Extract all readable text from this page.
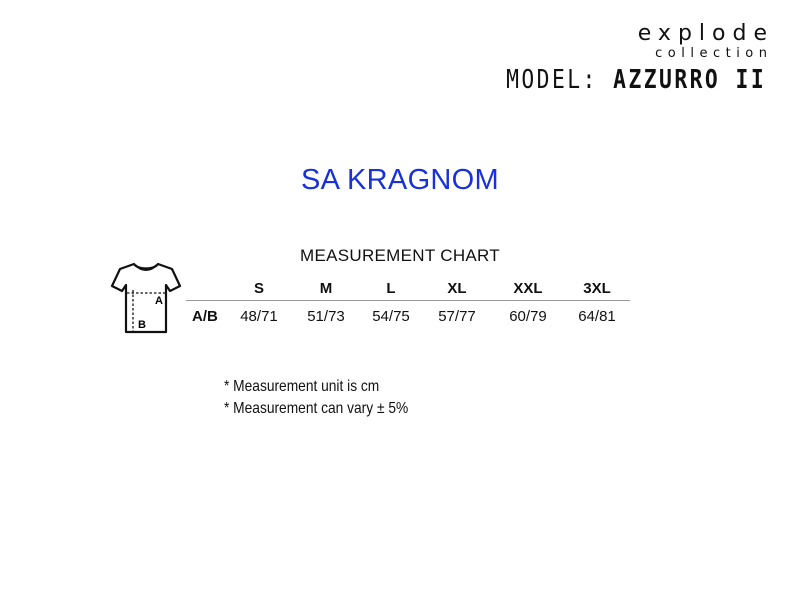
explode
collection
MODEL: AZZURRO II
SA KRAGNOM
MEASUREMENT CHART
A
B
	S	M	L	XL	XXL	3XL
A/B	48/71	51/73	54/75	57/77	60/79	64/81
* Measurement unit is cm
* Measurement can vary ± 5%
